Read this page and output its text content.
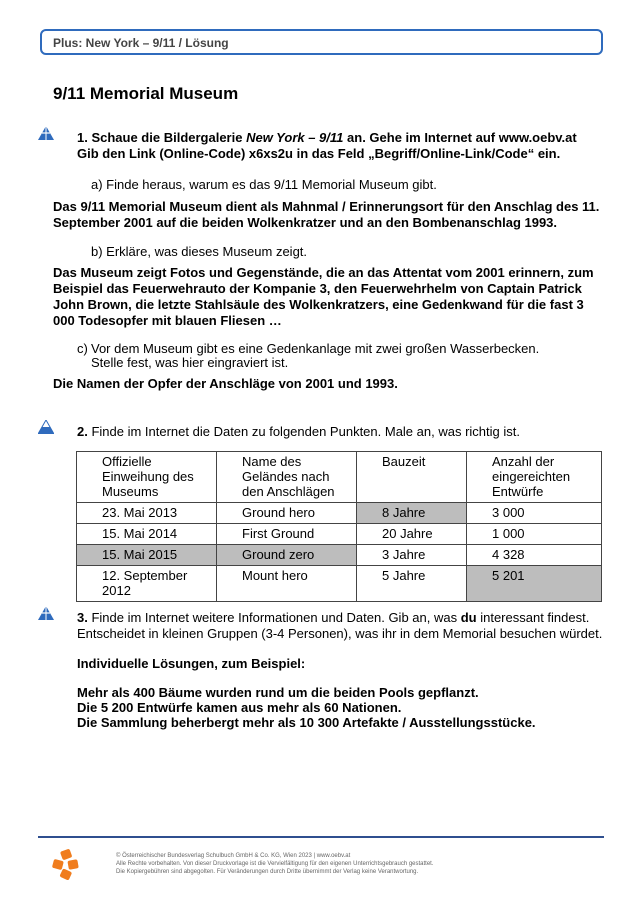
Plus: New York – 9/11 / Lösung
9/11 Memorial Museum

1. Schaue die Bildergalerie New York – 9/11 an. Gehe im Internet auf www.oebv.at

Gib den Link (Online-Code) x6xs2u in das Feld „Begriff/Online-Link/Code“ ein.

a) Finde heraus, warum es das 9/11 Memorial Museum gibt.

Das 9/11 Memorial Museum dient als Mahnmal / Erinnerungsort für den Anschlag des 11. September 2001 auf die beiden Wolkenkratzer und an den Bombenanschlag 1993.

b) Erkläre, was dieses Museum zeigt.

Das Museum zeigt Fotos und Gegenstände, die an das Attentat vom 2001 erinnern, zum Beispiel das Feuerwehrauto der Kompanie 3, den Feuerwehrhelm von Captain Patrick John Brown, die letzte Stahlsäule des Wolkenkratzers, eine Gedenkwand für die fast 3 000 Todesopfer mit blauen Fliesen …

c) Vor dem Museum gibt es eine Gedenkanlage mit zwei großen Wasserbecken.

Stelle fest, was hier eingraviert ist.

Die Namen der Opfer der Anschläge von 2001 und 1993.

2. Finde im Internet die Daten zu folgenden Punkten. Male an, was richtig ist.

Offizielle Einweihung des Museums	Name des Geländes nach den Anschlägen	Bauzeit	Anzahl der eingereichten Entwürfe
23. Mai 2013	Ground hero	8 Jahre	3 000
15. Mai 2014	First Ground	20 Jahre	1 000
15. Mai 2015	Ground zero	3 Jahre	4 328
12. September 2012	Mount hero	5 Jahre	5 201

3. Finde im Internet weitere Informationen und Daten. Gib an, was du interessant findest.

Entscheidet in kleinen Gruppen (3-4 Personen), was ihr in dem Memorial besuchen würdet.

Individuelle Lösungen, zum Beispiel:

Mehr als 400 Bäume wurden rund um die beiden Pools gepflanzt.

Die 5 200 Entwürfe kamen aus mehr als 60 Nationen.

Die Sammlung beherbergt mehr als 10 300 Artefakte / Ausstellungsstücke.

© Österreichischer Bundesverlag Schulbuch GmbH & Co. KG, Wien 2023 | www.oebv.at
Alle Rechte vorbehalten. Von dieser Druckvorlage ist die Vervielfältigung für den eigenen Unterrichtsgebrauch gestattet.
Die Kopiergebühren sind abgegolten. Für Veränderungen durch Dritte übernimmt der Verlag keine Verantwortung.
